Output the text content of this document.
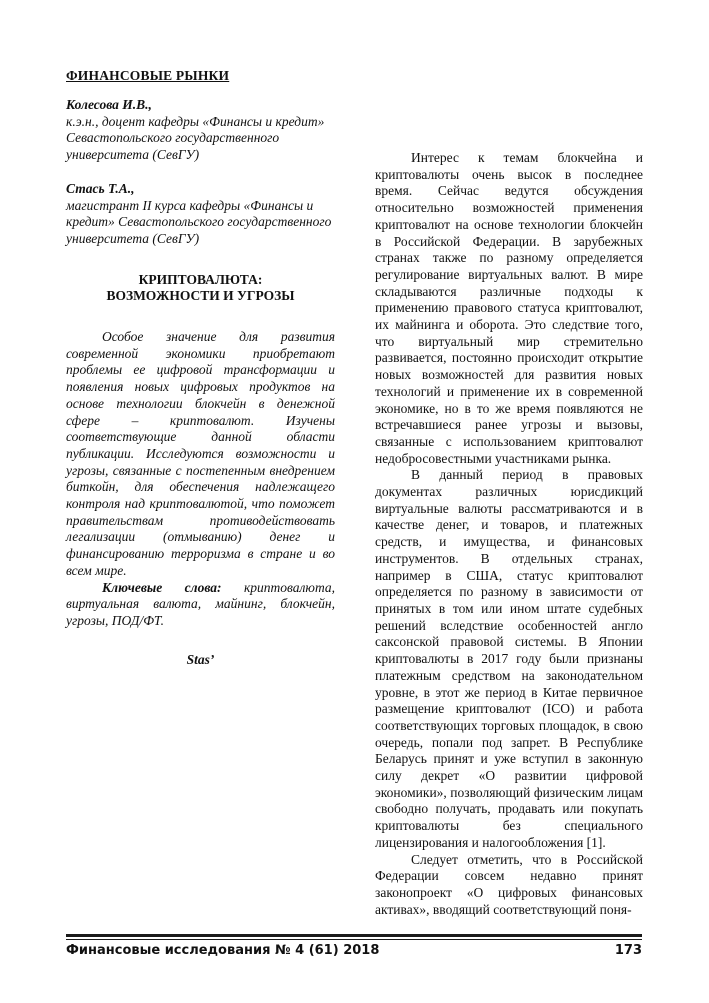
ФИНАНСОВЫЕ РЫНКИ
Колесова И.В.,
к.э.н., доцент кафедры «Финансы и кредит» Севастопольского государственного университета (СевГУ)
Стась Т.А.,
магистрант II курса кафедры «Финансы и кредит» Севастопольского государственного университета (СевГУ)
КРИПТОВАЛЮТА:
ВОЗМОЖНОСТИ И УГРОЗЫ

Особое значение для развития современной экономики приобретают проблемы ее цифровой трансформации и появления новых цифровых продуктов на основе технологии блокчейн в денежной сфере – криптовалют. Изучены соответствующие данной области публикации. Исследуются возможности и угрозы, связанные с постепенным внедрением биткойн, для обеспечения надлежащего контроля над криптовалютой, что поможет правительствам противодействовать легализации (отмыванию) денег и финансированию терроризма в стране и во всем мире.

Ключевые слова: криптовалюта, виртуальная валюта, майнинг, блокчейн, угрозы, ПОД/ФТ.

Stas’

Интерес к темам блокчейна и криптовалюты очень высок в последнее время. Сейчас ведутся обсуждения относительно возможностей применения криптовалют на основе технологии блокчейн в Российской Федерации. В зарубежных странах также по разному определяется регулирование виртуальных валют. В мире складываются различные подходы к применению правового статуса криптовалют, их майнинга и оборота. Это следствие того, что виртуальный мир стремительно развивается, постоянно происходит открытие новых возможностей для развития новых технологий и применение их в современной экономике, но в то же время появляются не встречавшиеся ранее угрозы и вызовы, связанные с использованием криптовалют недобросовестными участниками рынка.

В данный период в правовых документах различных юрисдикций виртуальные валюты рассматриваются и в качестве денег, и товаров, и платежных средств, и имущества, и финансовых инструментов. В отдельных странах, например в США, статус криптовалют определяется по разному в зависимости от принятых в том или ином штате судебных решений вследствие особенностей англо саксонской правовой системы. В Японии криптовалюты в 2017 году были признаны платежным средством на законодательном уровне, в этот же период в Китае первичное размещение криптовалют (ICO) и работа соответствующих торговых площадок, в свою очередь, попали под запрет. В Республике Беларусь принят и уже вступил в законную силу декрет «О развитии цифровой экономики», позволяющий физическим лицам свободно получать, продавать или покупать криптовалюты без специального лицензирования и налогообложения [1].

Следует отметить, что в Российской Федерации совсем недавно принят законопроект «О цифровых финансовых активах», вводящий соответствующий поня-

Финансовые исследования № 4 (61) 2018	173
